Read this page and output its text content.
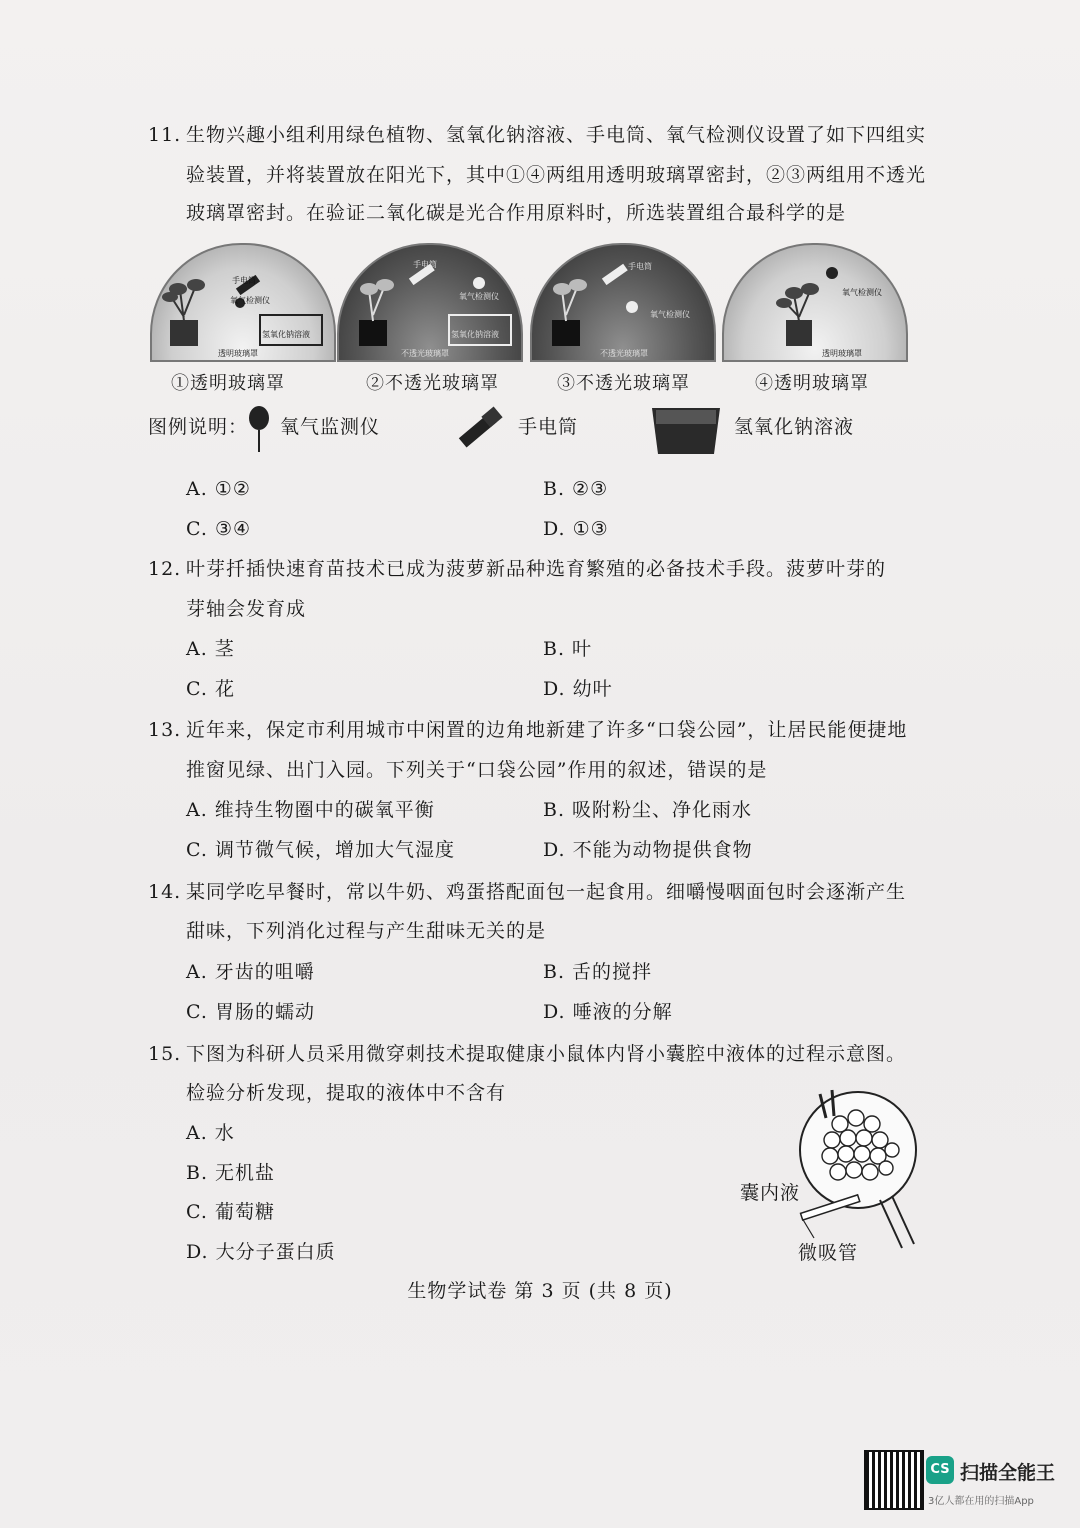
11. 生物兴趣小组利用绿色植物、氢氧化钠溶液、手电筒、氧气检测仪设置了如下四组实
验装置，并将装置放在阳光下，其中①④两组用透明玻璃罩密封，②③两组用不透光
玻璃罩密封。在验证二氧化碳是光合作用原料时，所选装置组合最科学的是
手电筒
氧气检测仪
透明玻璃罩
氢氧化钠溶液
手电筒
氧气检测仪
不透光玻璃罩
氢氧化钠溶液
手电筒
氧气检测仪
不透光玻璃罩
氧气检测仪
透明玻璃罩
①透明玻璃罩	②不透光玻璃罩	③不透光玻璃罩	④透明玻璃罩
图例说明： 氧气监测仪	手电筒	氢氧化钠溶液
A. ①②	B. ②③
C. ③④	D. ①③
12. 叶芽扦插快速育苗技术已成为菠萝新品种选育繁殖的必备技术手段。菠萝叶芽的
芽轴会发育成
A. 茎	B. 叶
C. 花	D. 幼叶
13. 近年来，保定市利用城市中闲置的边角地新建了许多“口袋公园”，让居民能便捷地
推窗见绿、出门入园。下列关于“口袋公园”作用的叙述，错误的是
A. 维持生物圈中的碳氧平衡	B. 吸附粉尘、净化雨水
C. 调节微气候，增加大气湿度	D. 不能为动物提供食物
14. 某同学吃早餐时，常以牛奶、鸡蛋搭配面包一起食用。细嚼慢咽面包时会逐渐产生
甜味，下列消化过程与产生甜味无关的是
A. 牙齿的咀嚼	B. 舌的搅拌
C. 胃肠的蠕动	D. 唾液的分解
15. 下图为科研人员采用微穿刺技术提取健康小鼠体内肾小囊腔中液体的过程示意图。
检验分析发现，提取的液体中不含有
A. 水
B. 无机盐
C. 葡萄糖
D. 大分子蛋白质
囊内液
微吸管
生物学试卷 第 3 页 (共 8 页)
CS 扫描全能王
3亿人都在用的扫描App
